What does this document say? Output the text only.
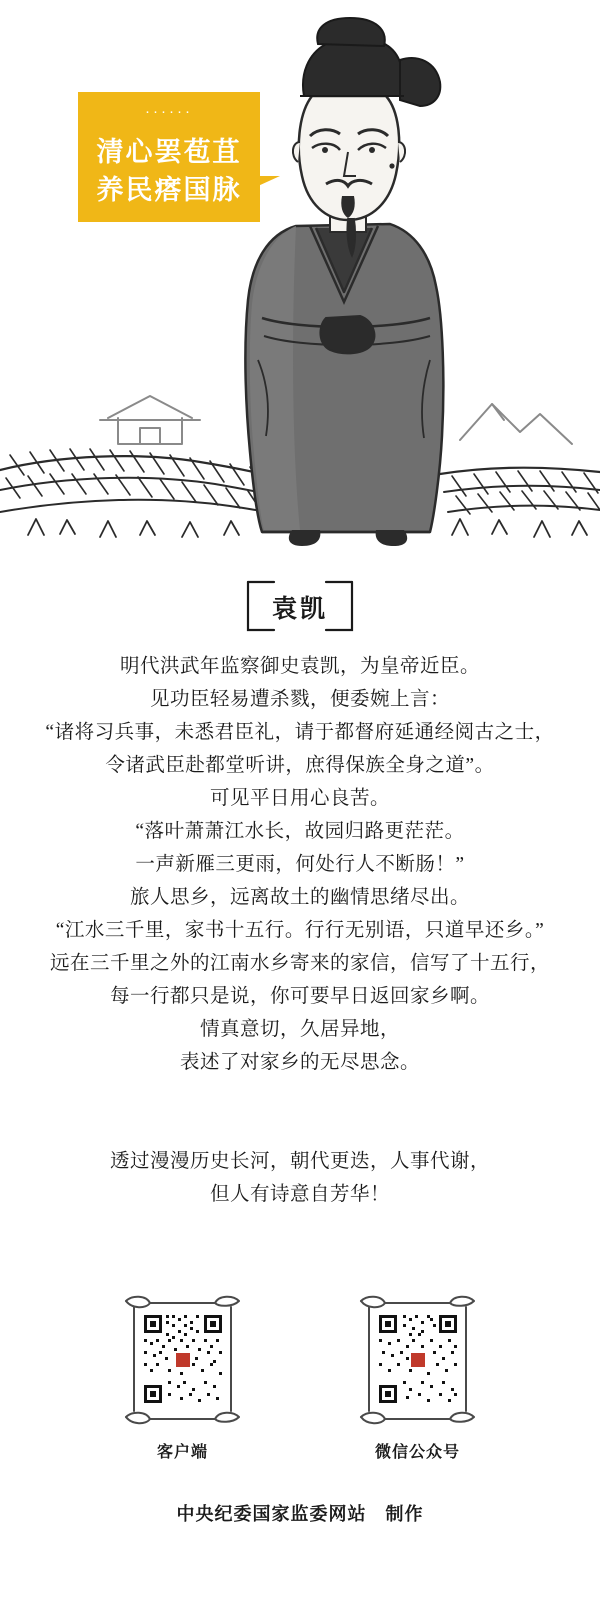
······
清心罢苞苴
养民瘩国脉
袁凯

明代洪武年监察御史袁凯，为皇帝近臣。

见功臣轻易遭杀戮，便委婉上言：

“诸将习兵事，未悉君臣礼，请于都督府延通经阅古之士，

令诸武臣赴都堂听讲，庶得保族全身之道”。

可见平日用心良苦。

“落叶萧萧江水长，故园归路更茫茫。

一声新雁三更雨，何处行人不断肠！”

旅人思乡，远离故土的幽情思绪尽出。

“江水三千里，家书十五行。行行无别语，只道早还乡。”

远在三千里之外的江南水乡寄来的家信，信写了十五行，

每一行都只是说，你可要早日返回家乡啊。

情真意切，久居异地，

表述了对家乡的无尽思念。

透过漫漫历史长河，朝代更迭，人事代谢，

但人有诗意自芳华！

客户端	微信公众号
中央纪委国家监委网站　制作
